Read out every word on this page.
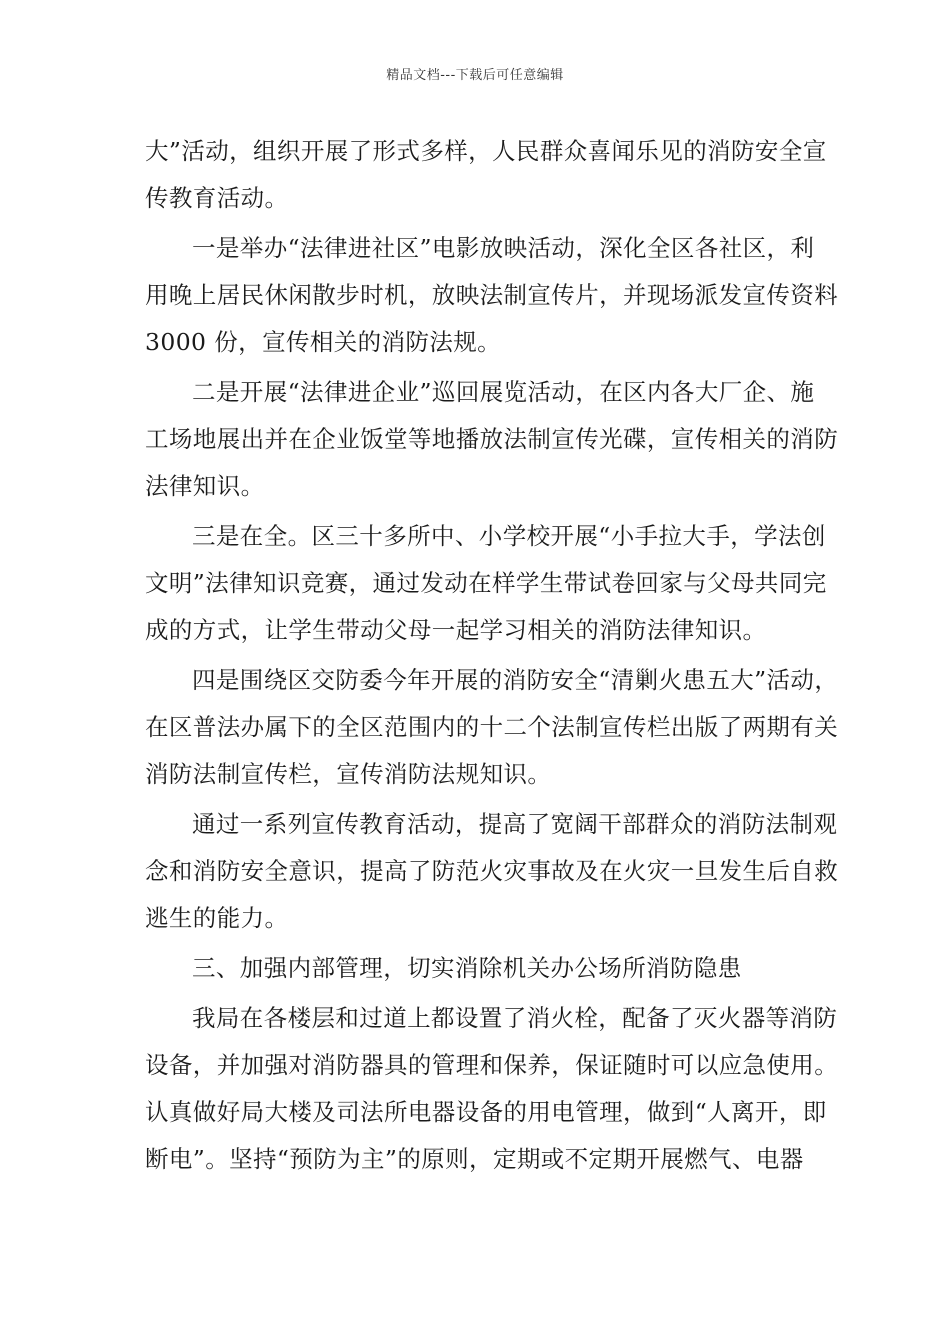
精品文档---下载后可任意编辑
大”活动，组织开展了形式多样，人民群众喜闻乐见的消防安全宣
传教育活动。
一是举办“法律进社区”电影放映活动，深化全区各社区，利
用晚上居民休闲散步时机，放映法制宣传片，并现场派发宣传资料
3000 份，宣传相关的消防法规。
二是开展“法律进企业”巡回展览活动，在区内各大厂企、施
工场地展出并在企业饭堂等地播放法制宣传光碟，宣传相关的消防
法律知识。
三是在全。区三十多所中、小学校开展“小手拉大手，学法创
文明”法律知识竞赛，通过发动在样学生带试卷回家与父母共同完
成的方式，让学生带动父母一起学习相关的消防法律知识。
四是围绕区交防委今年开展的消防安全“清剿火患五大”活动，
在区普法办属下的全区范围内的十二个法制宣传栏出版了两期有关
消防法制宣传栏，宣传消防法规知识。
通过一系列宣传教育活动，提高了宽阔干部群众的消防法制观
念和消防安全意识，提高了防范火灾事故及在火灾一旦发生后自救
逃生的能力。
三、加强内部管理，切实消除机关办公场所消防隐患
我局在各楼层和过道上都设置了消火栓，配备了灭火器等消防
设备，并加强对消防器具的管理和保养，保证随时可以应急使用。
认真做好局大楼及司法所电器设备的用电管理，做到“人离开，即
断电”。坚持“预防为主”的原则，定期或不定期开展燃气、电器
